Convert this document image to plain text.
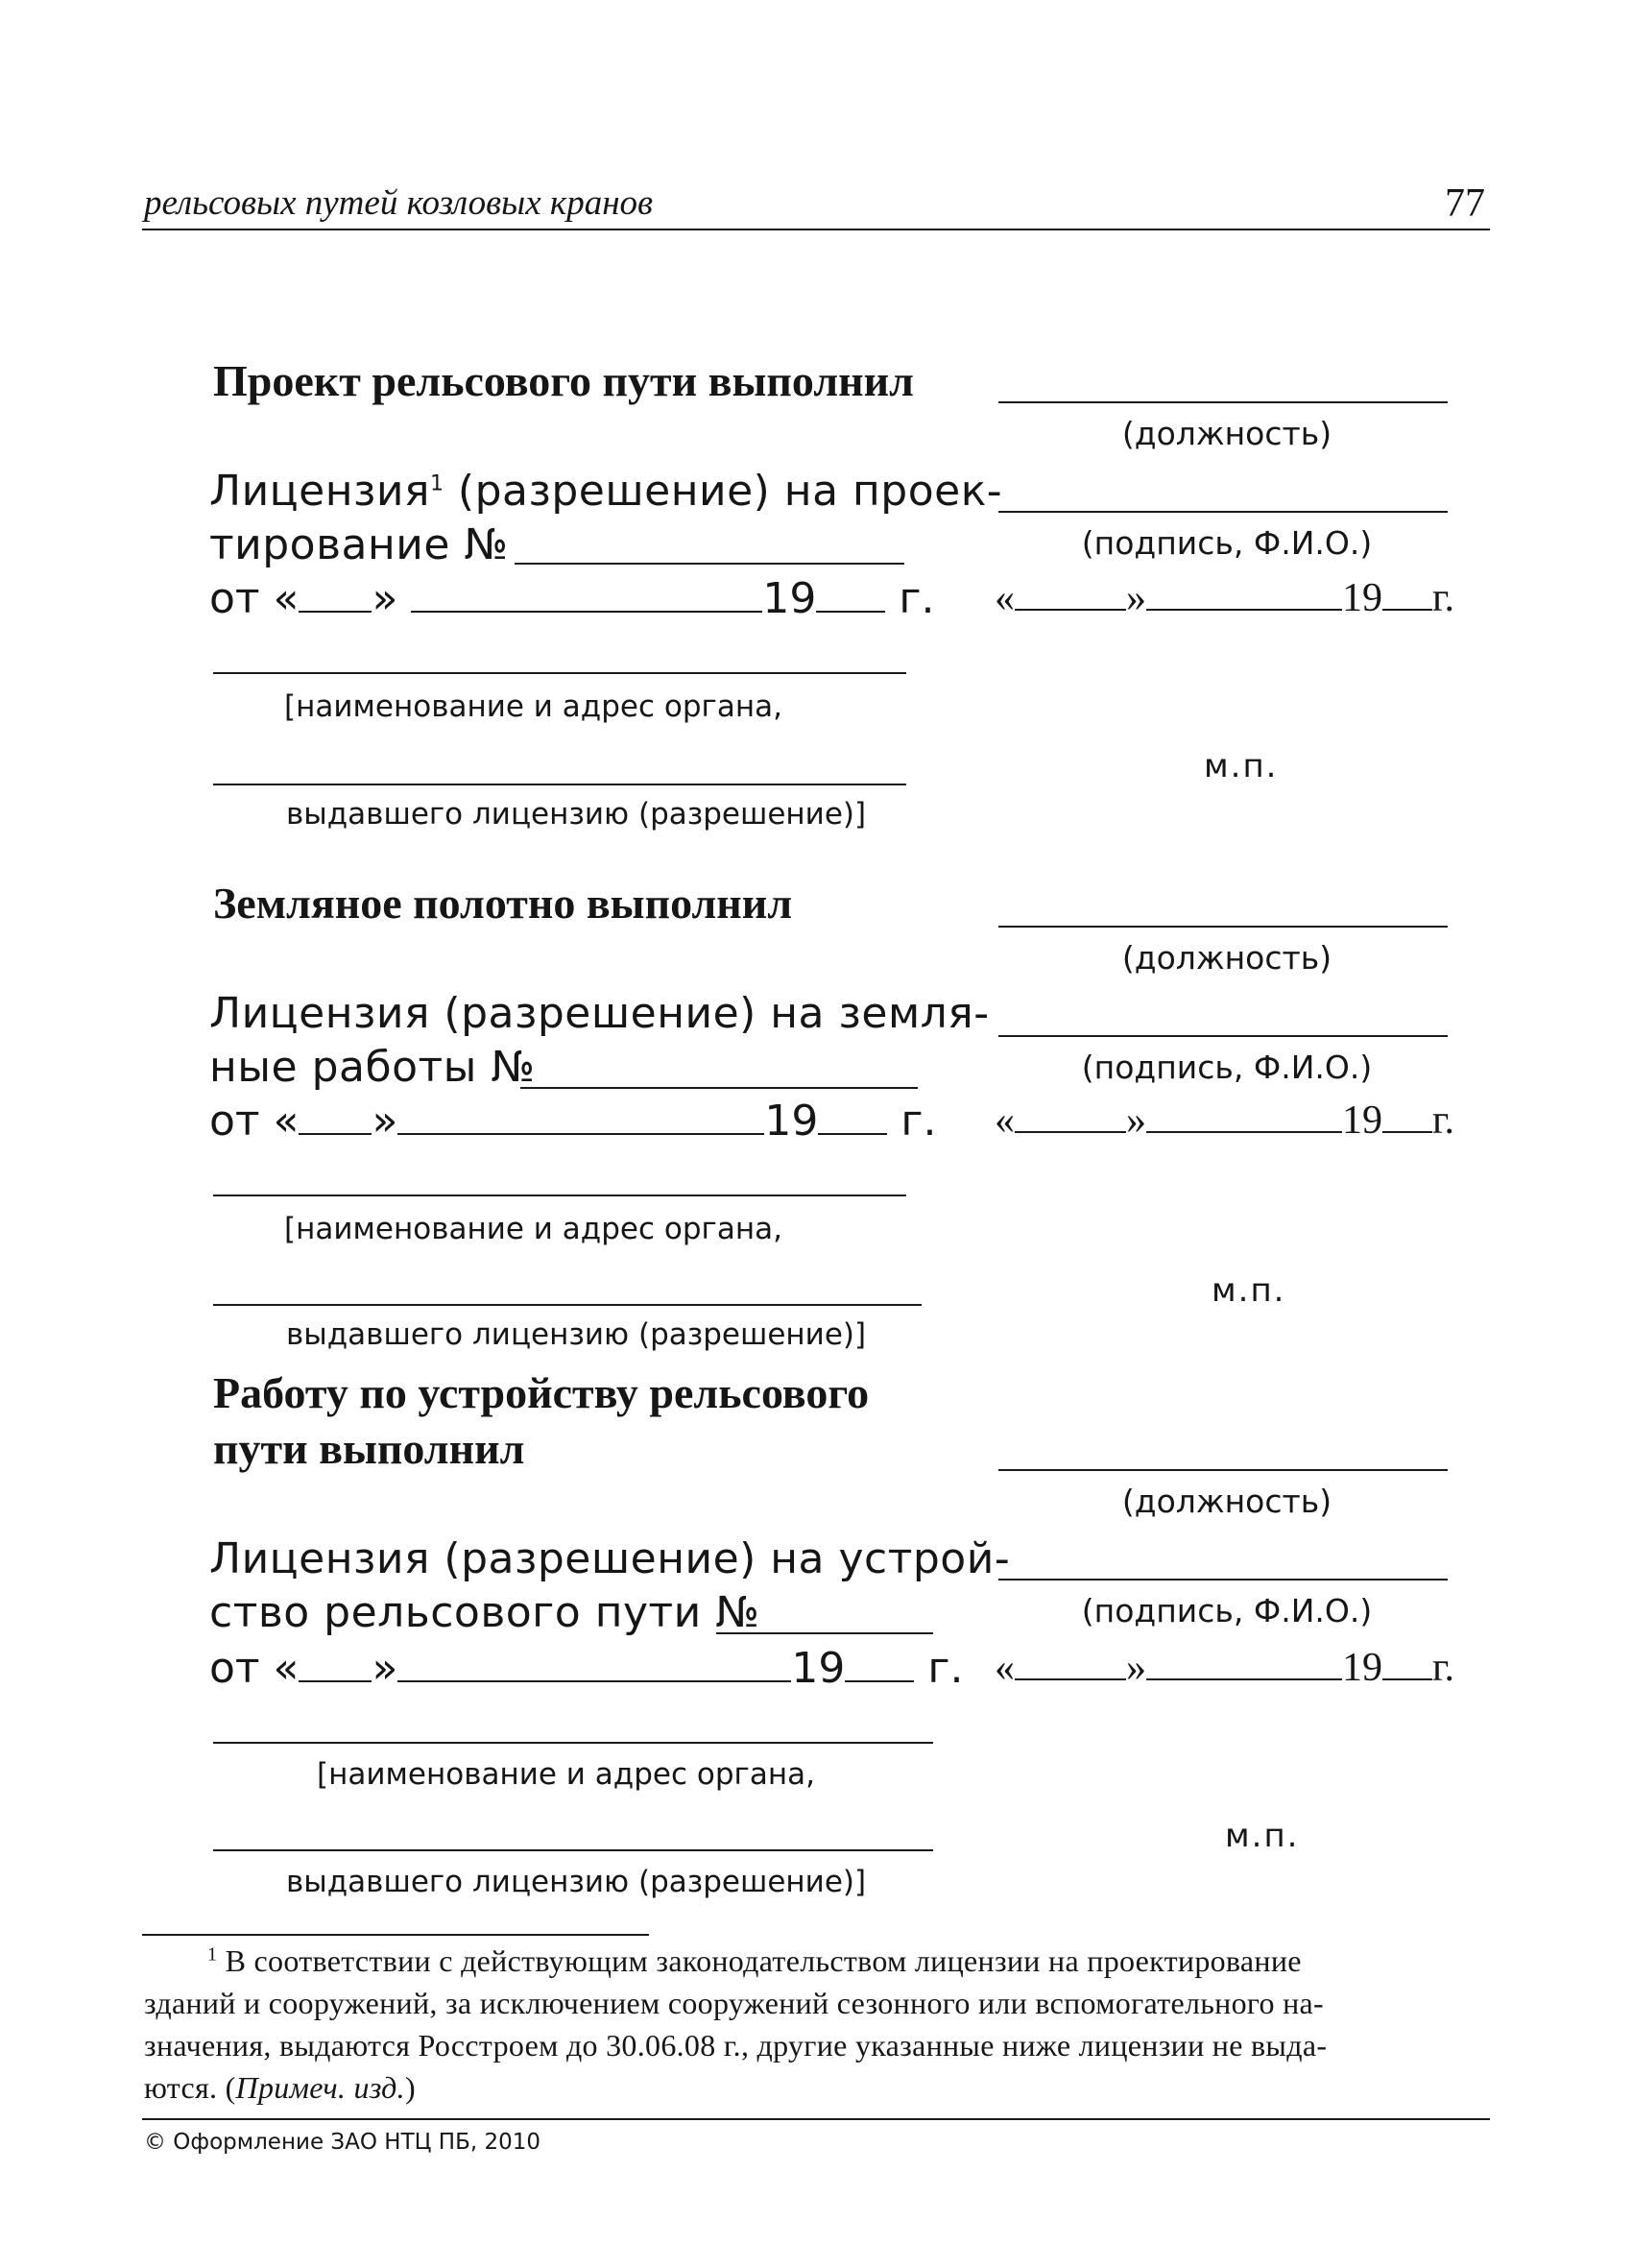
рельсовых путей козловых кранов	77
Проект рельсового пути выполнил
(должность)
Лицензия$^1$ (разрешение) на проек-
тирование №	(подпись, Ф.И.О.)
от « »	19 г. «	»	19 г.
[наименование и адрес органа,
м.п.
выдавшего лицензию (разрешение)]
Земляное полотно выполнил
(должность)
Лицензия (разрешение) на земля-
ные работы №	(подпись, Ф.И.О.)
от « »	19 г. «	»	19 г.
[наименование и адрес органа,
м.п.
выдавшего лицензию (разрешение)]
Работу по устройству рельсового
пути выполнил
(должность)
Лицензия (разрешение) на устрой-
ство рельсового пути №	(подпись, Ф.И.О.)
от « »	19 г. «	»	19 г.
[наименование и адрес органа,
м.п.
выдавшего лицензию (разрешение)]
$^1$ В соответствии с действующим законодательством лицензии на проектирование
зданий и сооружений, за исключением сооружений сезонного или вспомогательного на-
значения, выдаются Росстроем до 30.06.08 г., другие указанные ниже лицензии не выда-
ются. (Примеч. изд.)
© Оформление ЗАО НТЦ ПБ, 2010
